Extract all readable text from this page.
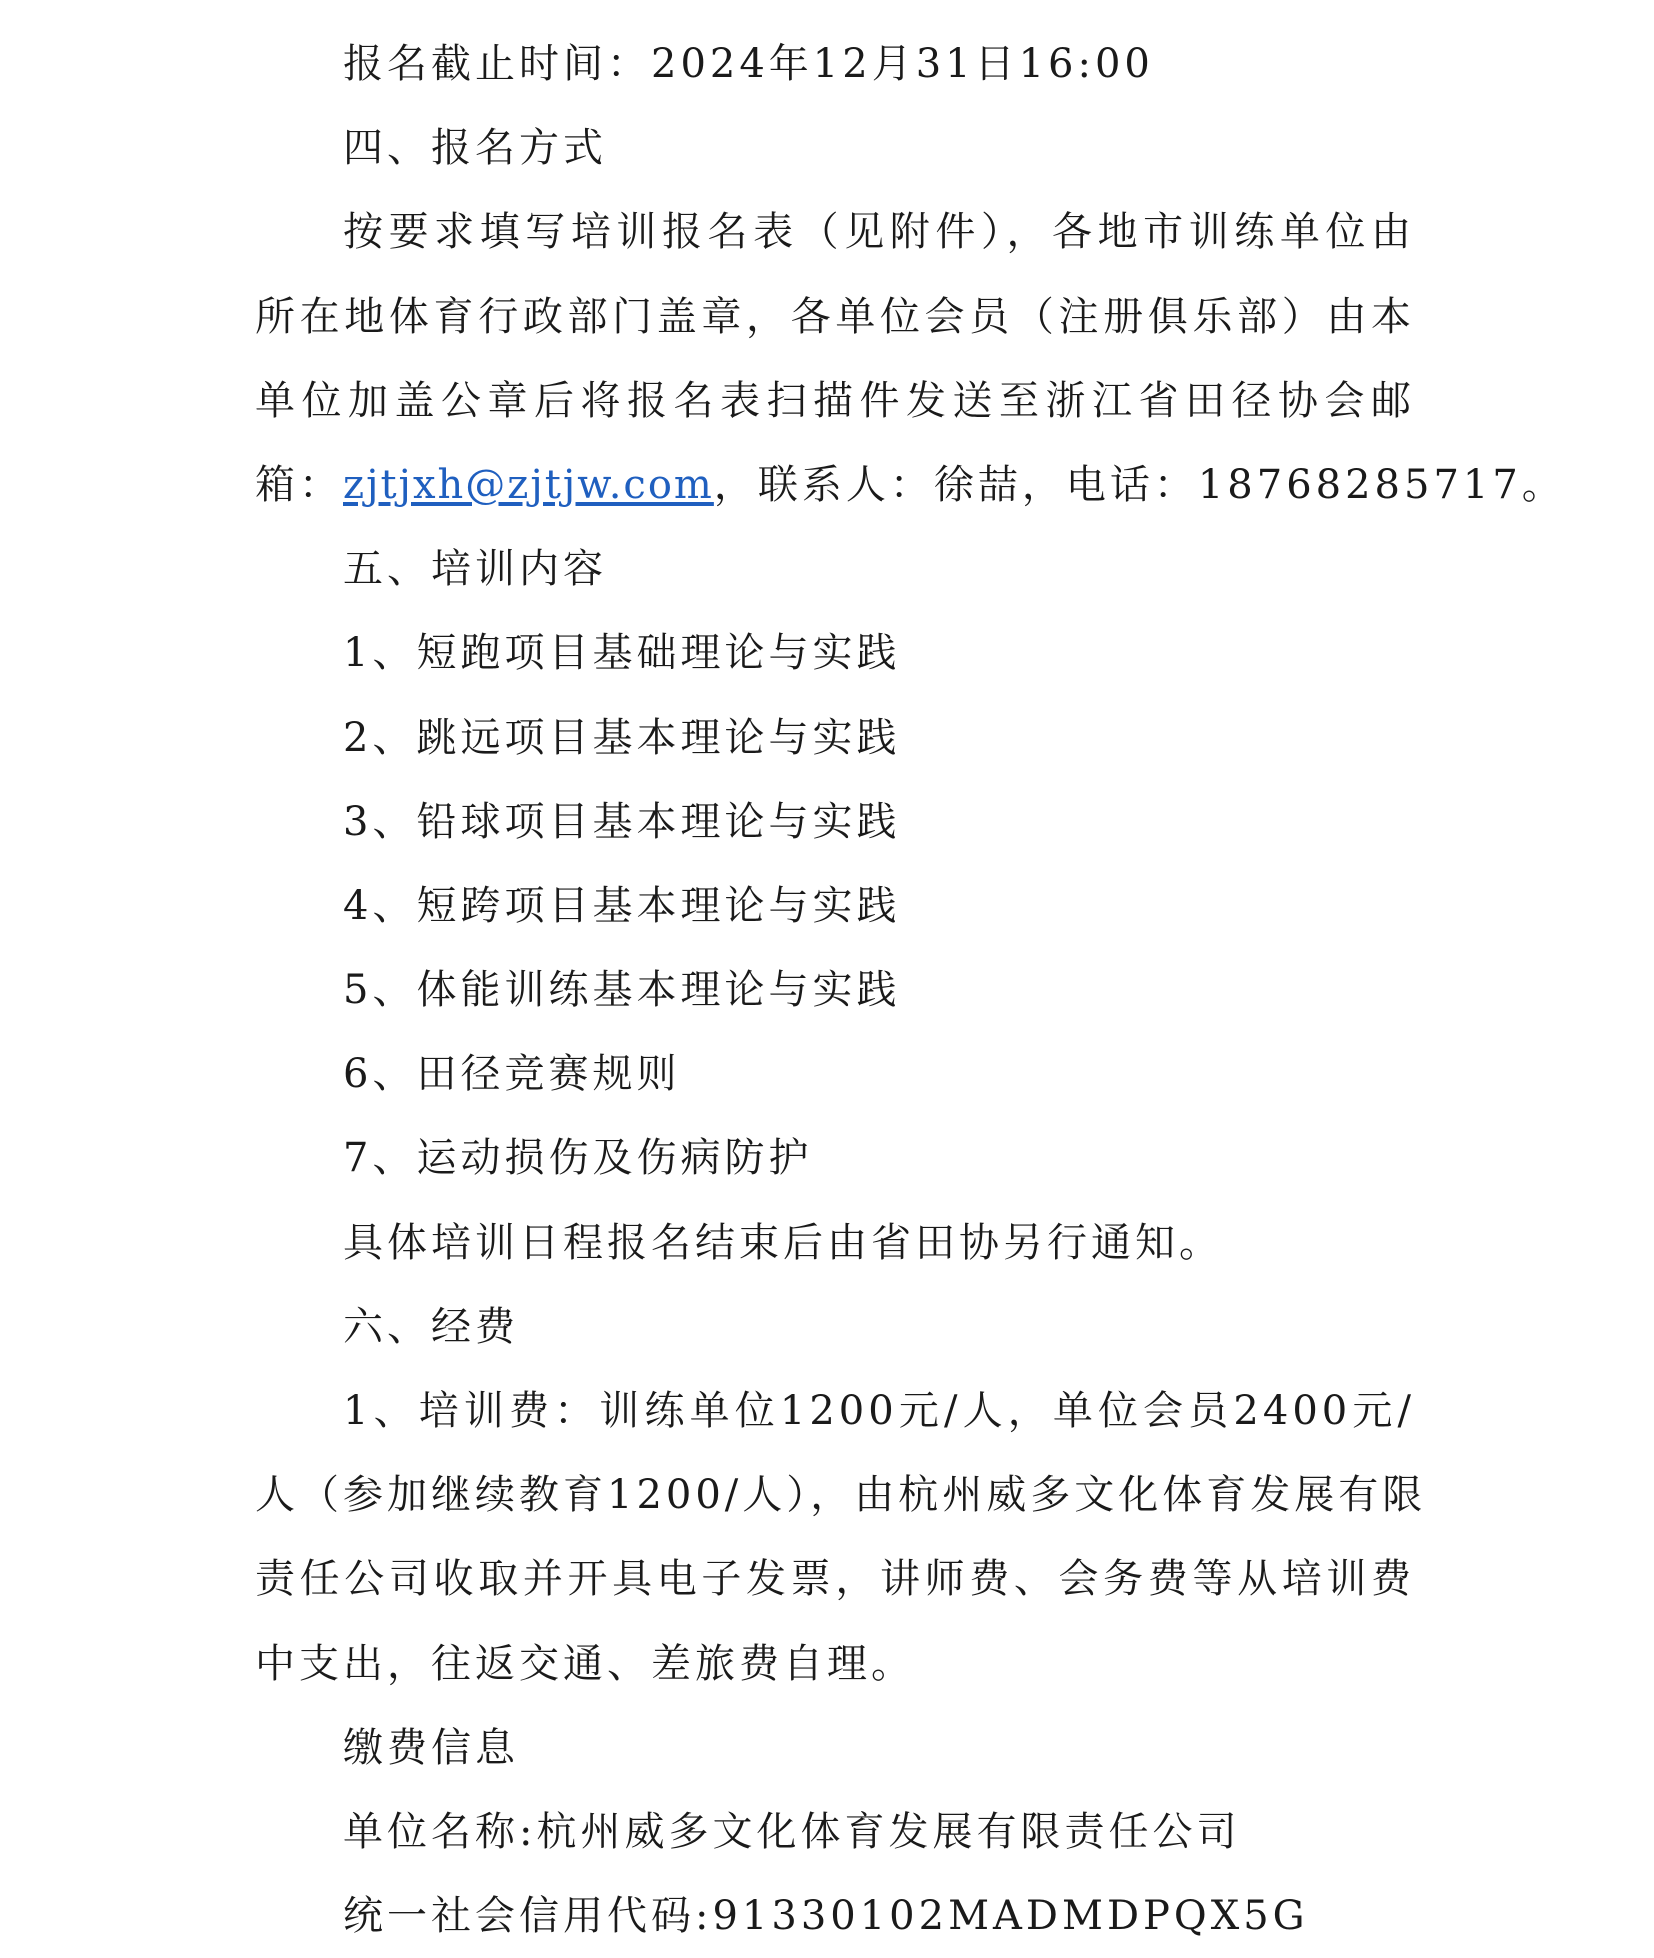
报名截止时间：2024年12月31日16:00
四、报名方式
按要求填写培训报名表（见附件），各地市训练单位由
所在地体育行政部门盖章，各单位会员（注册俱乐部）由本
单位加盖公章后将报名表扫描件发送至浙江省田径协会邮
箱：zjtjxh@zjtjw.com，联系人：徐喆，电话：18768285717。
五、培训内容
1、短跑项目基础理论与实践
2、跳远项目基本理论与实践
3、铅球项目基本理论与实践
4、短跨项目基本理论与实践
5、体能训练基本理论与实践
6、田径竞赛规则
7、运动损伤及伤病防护
具体培训日程报名结束后由省田协另行通知。
六、经费
1、培训费：训练单位1200元/人，单位会员2400元/
人（参加继续教育1200/人），由杭州威多文化体育发展有限
责任公司收取并开具电子发票，讲师费、会务费等从培训费
中支出，往返交通、差旅费自理。
缴费信息
单位名称:杭州威多文化体育发展有限责任公司
统一社会信用代码:91330102MADMDPQX5G
